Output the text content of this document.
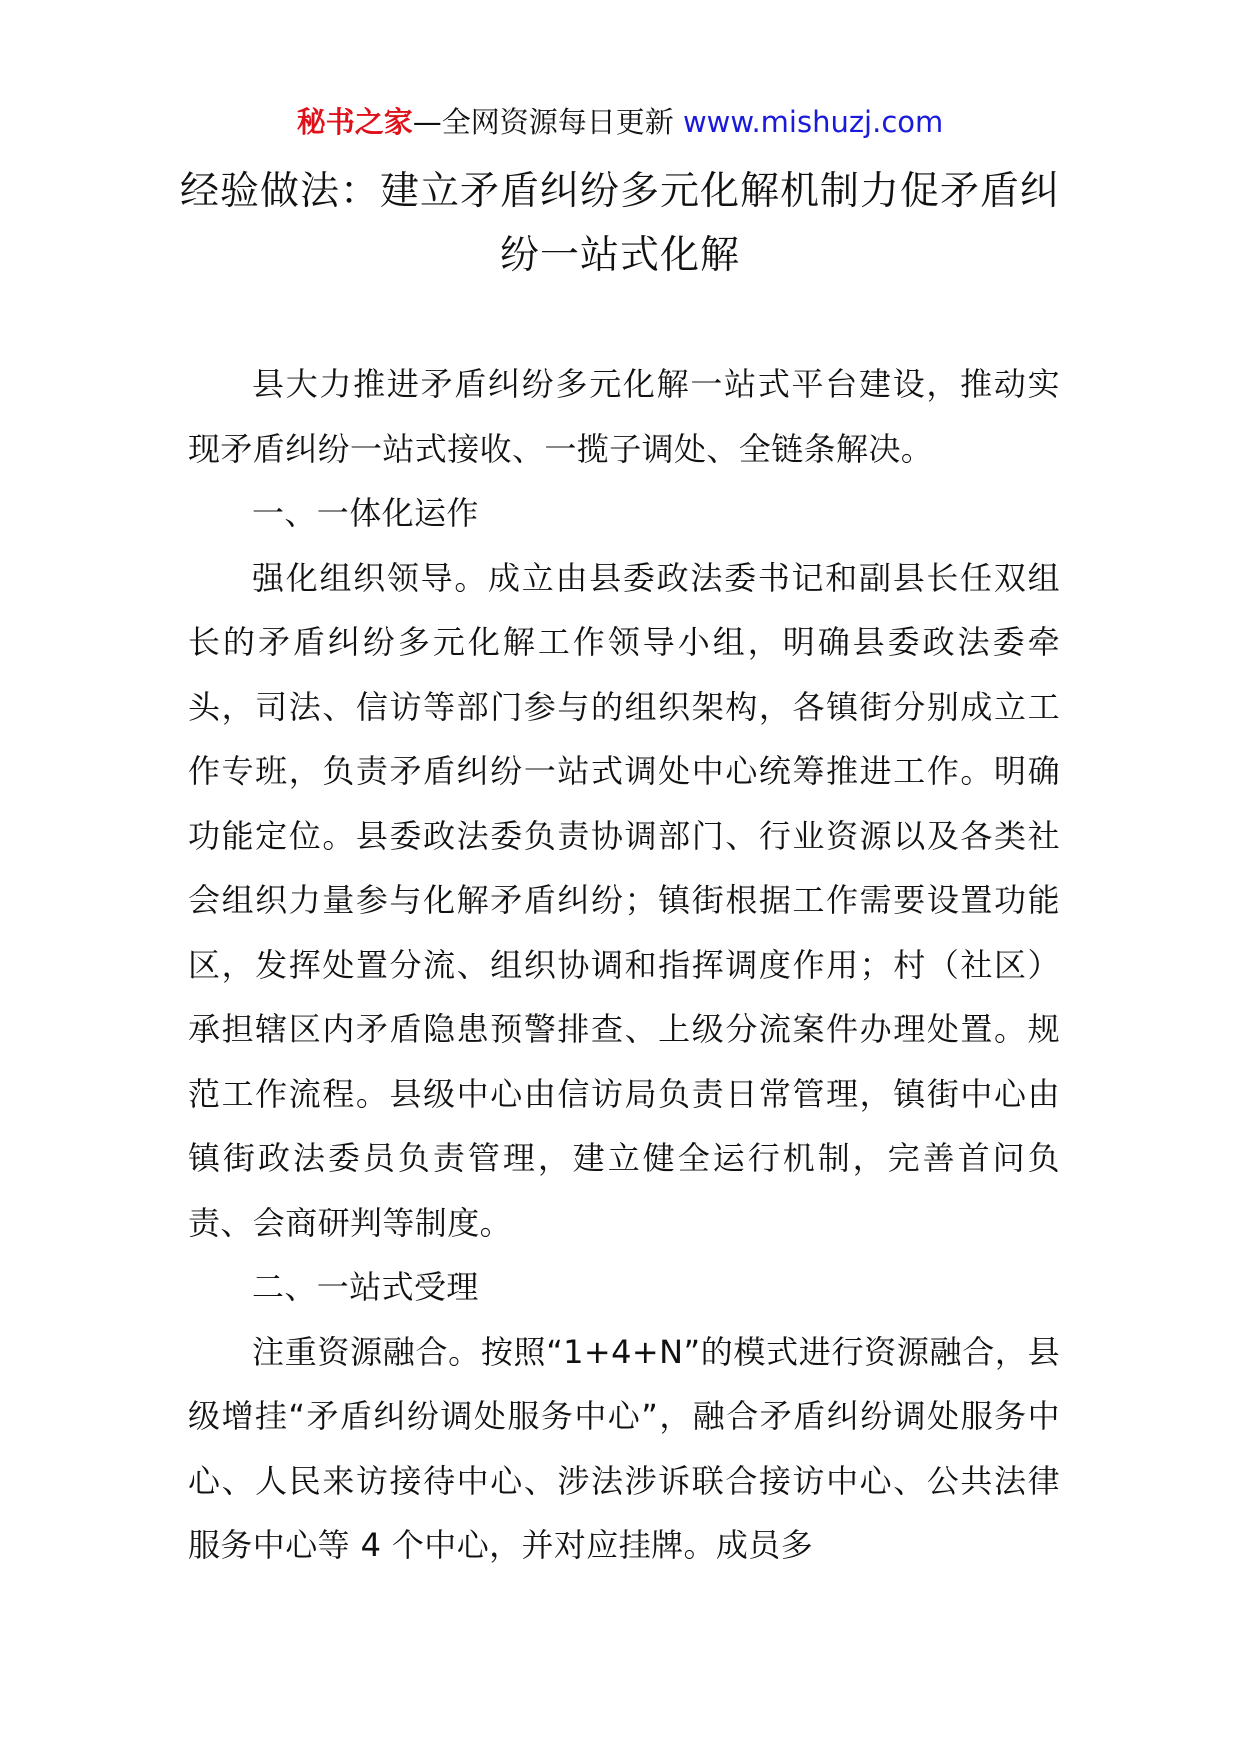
秘书之家—全网资源每日更新 www.mishuzj.com
经验做法：建立矛盾纠纷多元化解机制力促矛盾纠纷一站式化解

县大力推进矛盾纠纷多元化解一站式平台建设，推动实现矛盾纠纷一站式接收、一揽子调处、全链条解决。

一、一体化运作

强化组织领导。成立由县委政法委书记和副县长任双组长的矛盾纠纷多元化解工作领导小组，明确县委政法委牵头，司法、信访等部门参与的组织架构，各镇街分别成立工作专班，负责矛盾纠纷一站式调处中心统筹推进工作。明确功能定位。县委政法委负责协调部门、行业资源以及各类社会组织力量参与化解矛盾纠纷；镇街根据工作需要设置功能区，发挥处置分流、组织协调和指挥调度作用；村（社区）承担辖区内矛盾隐患预警排查、上级分流案件办理处置。规范工作流程。县级中心由信访局负责日常管理，镇街中心由镇街政法委员负责管理，建立健全运行机制，完善首问负责、会商研判等制度。

二、一站式受理

注重资源融合。按照“1+4+N”的模式进行资源融合，县级增挂“矛盾纠纷调处服务中心”，融合矛盾纠纷调处服务中心、人民来访接待中心、涉法涉诉联合接访中心、公共法律服务中心等 4 个中心，并对应挂牌。成员多
